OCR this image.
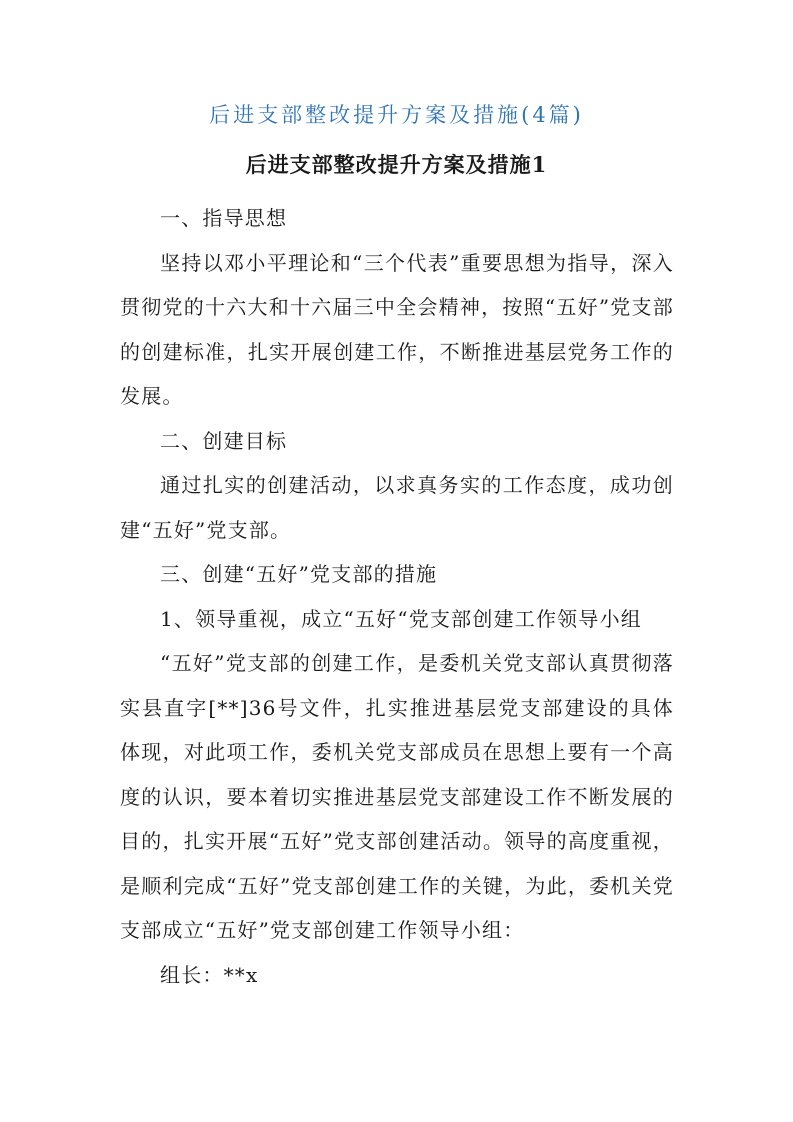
后进支部整改提升方案及措施(4篇)
后进支部整改提升方案及措施1

一、指导思想

坚持以邓小平理论和“三个代表”重要思想为指导，深入贯彻党的十六大和十六届三中全会精神，按照“五好”党支部的创建标准，扎实开展创建工作，不断推进基层党务工作的发展。

二、创建目标

通过扎实的创建活动，以求真务实的工作态度，成功创建“五好”党支部。

三、创建“五好”党支部的措施

1、领导重视，成立“五好“党支部创建工作领导小组

“五好”党支部的创建工作，是委机关党支部认真贯彻落实县直字[**]36号文件，扎实推进基层党支部建设的具体体现，对此项工作，委机关党支部成员在思想上要有一个高度的认识，要本着切实推进基层党支部建设工作不断发展的目的，扎实开展“五好”党支部创建活动。领导的高度重视，是顺利完成“五好”党支部创建工作的关键，为此，委机关党支部成立“五好”党支部创建工作领导小组：

组长：**x
